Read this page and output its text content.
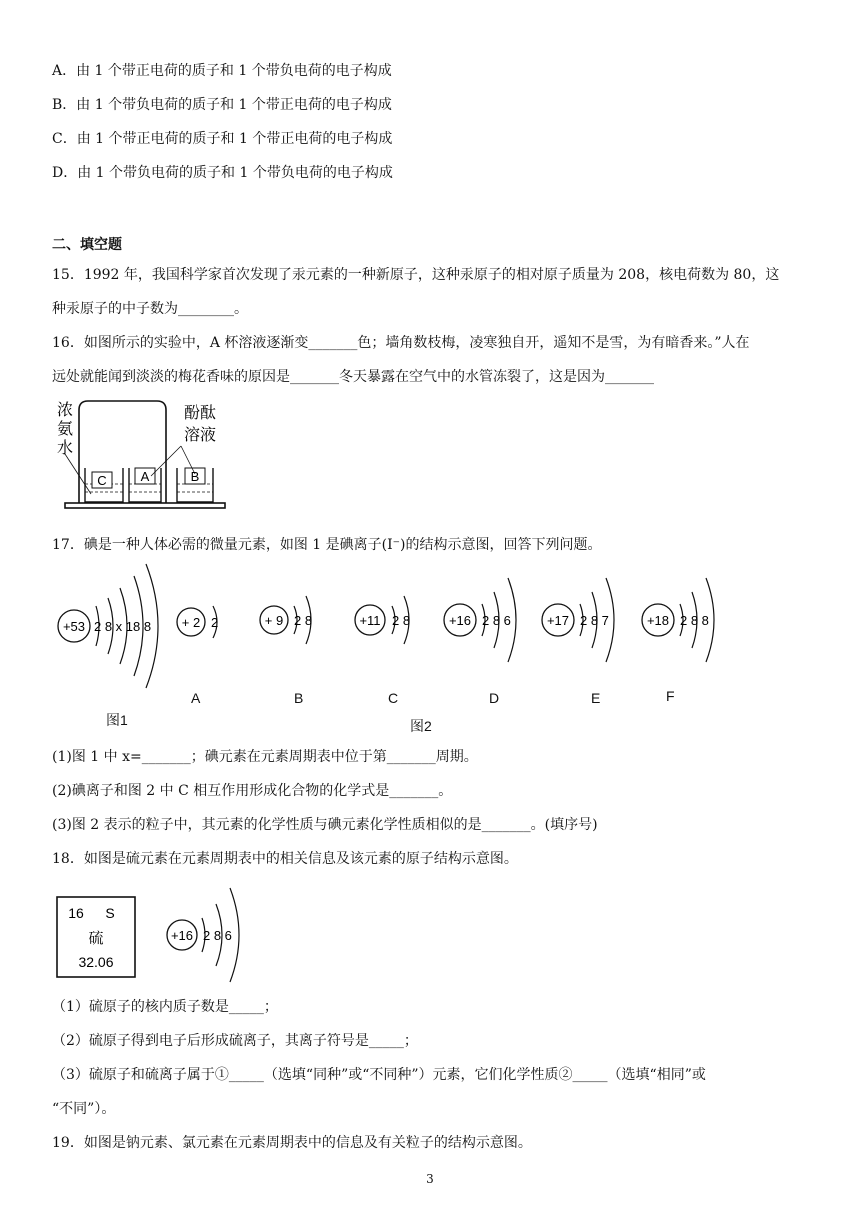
A．由 1 个带正电荷的质子和 1 个带负电荷的电子构成
B．由 1 个带负电荷的质子和 1 个带正电荷的电子构成
C．由 1 个带正电荷的质子和 1 个带正电荷的电子构成
D．由 1 个带负电荷的质子和 1 个带负电荷的电子构成
二、填空题
15．1992 年，我国科学家首次发现了汞元素的一种新原子，这种汞原子的相对原子质量为 208，核电荷数为 80，这
种汞原子的中子数为________。
16．如图所示的实验中，A 杯溶液逐渐变_______色；墙角数枝梅，凌寒独自开，遥知不是雪，为有暗香来。”人在
远处就能闻到淡淡的梅花香味的原因是_______冬天暴露在空气中的水管冻裂了，这是因为_______
C	A	B
浓
氨
水
酚酞
溶液
17．碘是一种人体必需的微量元素，如图 1 是碘离子(I⁻)的结构示意图，回答下列问题。
+53 2 8 x 18 8 + 2 2	+ 9 2 8	+11 2 8	+16 2 8 6	+17 2 8 7	+18 2 8 8
A	B	C	D	E	F
图1	图2
(1)图 1 中 x=_______；碘元素在元素周期表中位于第_______周期。
(2)碘离子和图 2 中 C 相互作用形成化合物的化学式是_______。
(3)图 2 表示的粒子中，其元素的化学性质与碘元素化学性质相似的是_______。(填序号)
18．如图是硫元素在元素周期表中的相关信息及该元素的原子结构示意图。
16 S
硫
32.06
+16 2 8 6
（1）硫原子的核内质子数是_____；
（2）硫原子得到电子后形成硫离子，其离子符号是_____；
（3）硫原子和硫离子属于①_____（选填“同种”或“不同种”）元素，它们化学性质②_____（选填“相同”或
“不同”）。
19．如图是钠元素、氯元素在元素周期表中的信息及有关粒子的结构示意图。
3
